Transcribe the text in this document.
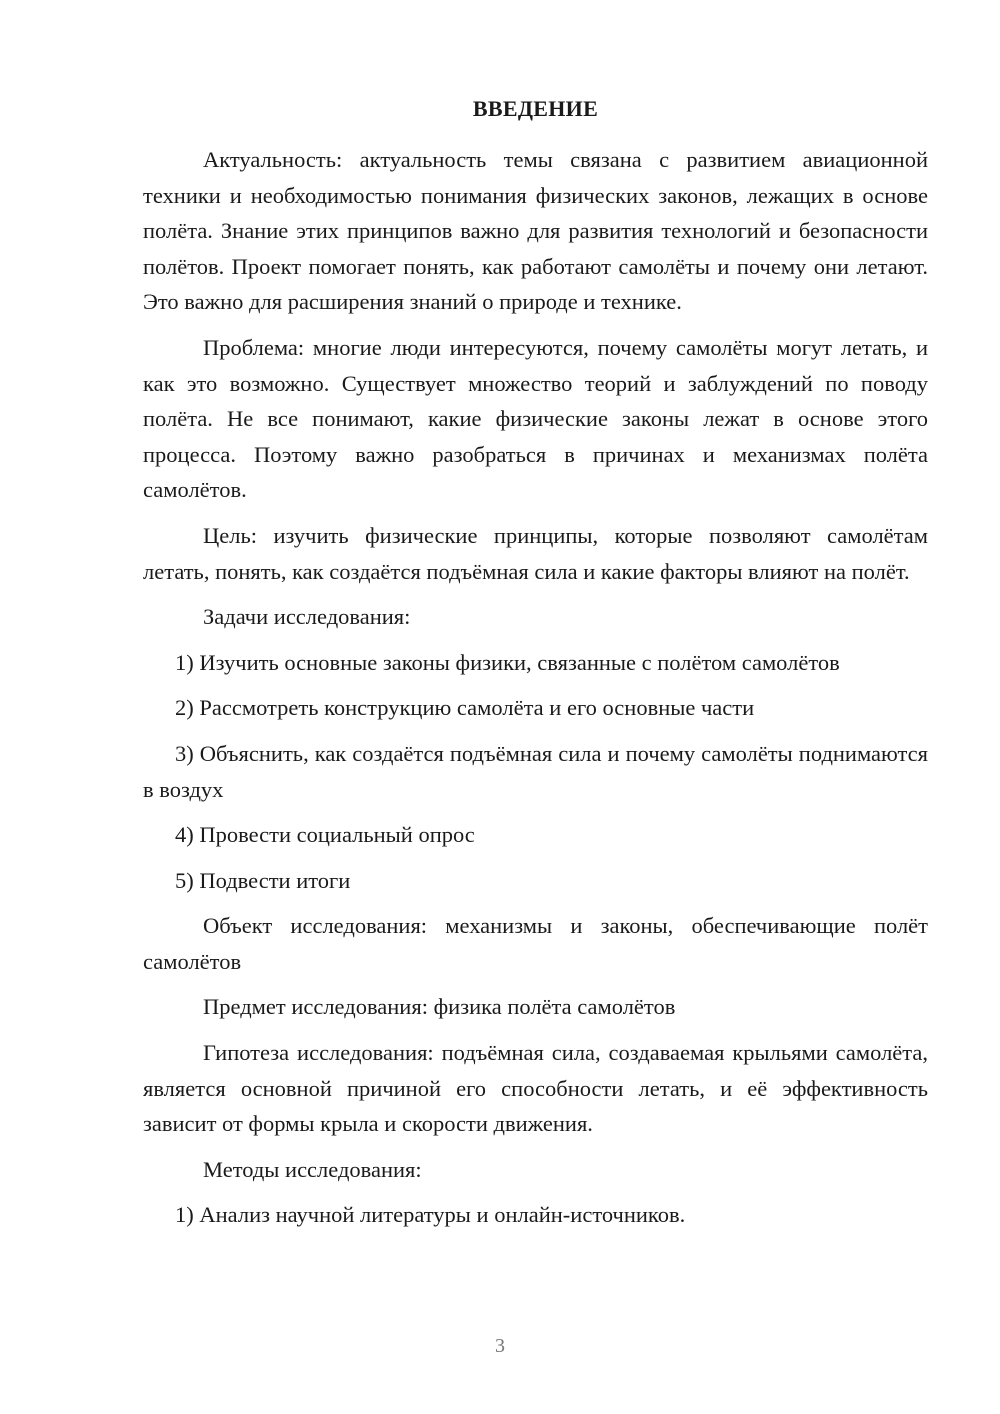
ВВЕДЕНИЕ

Актуальность: актуальность темы связана с развитием авиационной техники и необходимостью понимания физических законов, лежащих в основе полёта. Знание этих принципов важно для развития технологий и безопасности полётов. Проект помогает понять, как работают самолёты и почему они летают. Это важно для расширения знаний о природе и технике.

Проблема: многие люди интересуются, почему самолёты могут летать, и как это возможно. Существует множество теорий и заблуждений по поводу полёта. Не все понимают, какие физические законы лежат в основе этого процесса. Поэтому важно разобраться в причинах и механизмах полёта самолётов.

Цель: изучить физические принципы, которые позволяют самолётам летать, понять, как создаётся подъёмная сила и какие факторы влияют на полёт.

Задачи исследования:

1) Изучить основные законы физики, связанные с полётом самолётов

2) Рассмотреть конструкцию самолёта и его основные части

3) Объяснить, как создаётся подъёмная сила и почему самолёты поднимаются в воздух

4) Провести социальный опрос

5) Подвести итоги

Объект исследования: механизмы и законы, обеспечивающие полёт самолётов

Предмет исследования: физика полёта самолётов

Гипотеза исследования: подъёмная сила, создаваемая крыльями самолёта, является основной причиной его способности летать, и её эффективность зависит от формы крыла и скорости движения.

Методы исследования:

1) Анализ научной литературы и онлайн-источников.

3
